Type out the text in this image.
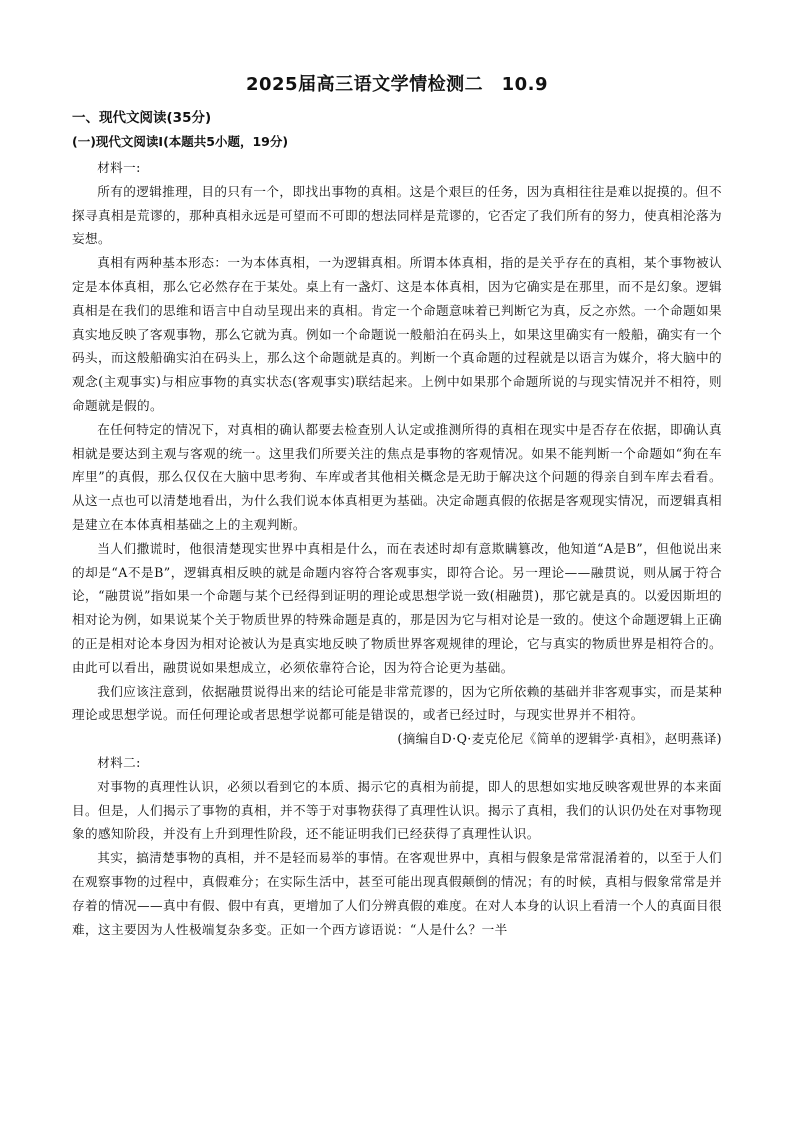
2025届高三语文学情检测二　10.9
一、现代文阅读(35分)
(一)现代文阅读Ⅰ(本题共5小题，19分)

材料一:

所有的逻辑推理，目的只有一个，即找出事物的真相。这是个艰巨的任务，因为真相往往是难以捉摸的。但不探寻真相是荒谬的，那种真相永远是可望而不可即的想法同样是荒谬的，它否定了我们所有的努力，使真相沦落为妄想。

真相有两种基本形态：一为本体真相，一为逻辑真相。所谓本体真相，指的是关乎存在的真相，某个事物被认定是本体真相，那么它必然存在于某处。桌上有一盏灯、这是本体真相，因为它确实是在那里，而不是幻象。逻辑真相是在我们的思维和语言中自动呈现出来的真相。肯定一个命题意味着已判断它为真，反之亦然。一个命题如果真实地反映了客观事物，那么它就为真。例如一个命题说一般船泊在码头上，如果这里确实有一般船，确实有一个码头，而这般船确实泊在码头上，那么这个命题就是真的。判断一个真命题的过程就是以语言为媒介，将大脑中的观念(主观事实)与相应事物的真实状态(客观事实)联结起来。上例中如果那个命题所说的与现实情况并不相符，则命题就是假的。

在任何特定的情况下，对真相的确认都要去检查别人认定或推测所得的真相在现实中是否存在依据，即确认真相就是要达到主观与客观的统一。这里我们所要关注的焦点是事物的客观情况。如果不能判断一个命题如“狗在车库里”的真假，那么仅仅在大脑中思考狗、车库或者其他相关概念是无助于解决这个问题的得亲自到车库去看看。从这一点也可以清楚地看出，为什么我们说本体真相更为基础。决定命题真假的依据是客观现实情况，而逻辑真相是建立在本体真相基础之上的主观判断。

当人们撒谎时，他很清楚现实世界中真相是什么，而在表述时却有意欺瞒篡改，他知道“A是B”，但他说出来的却是“A不是B”，逻辑真相反映的就是命题内容符合客观事实，即符合论。另一理论——融贯说，则从属于符合论，“融贯说”指如果一个命题与某个已经得到证明的理论或思想学说一致(相融贯)，那它就是真的。以爱因斯坦的相对论为例，如果说某个关于物质世界的特殊命题是真的，那是因为它与相对论是一致的。使这个命题逻辑上正确的正是相对论本身因为相对论被认为是真实地反映了物质世界客观规律的理论，它与真实的物质世界是相符合的。由此可以看出，融贯说如果想成立，必须依靠符合论，因为符合论更为基础。

我们应该注意到，依据融贯说得出来的结论可能是非常荒谬的，因为它所依赖的基础并非客观事实，而是某种理论或思想学说。而任何理论或者思想学说都可能是错误的，或者已经过时，与现实世界并不相符。

(摘编自D·Q·麦克伦尼《简单的逻辑学·真相》，赵明燕译)

材料二:

对事物的真理性认识，必须以看到它的本质、揭示它的真相为前提，即人的思想如实地反映客观世界的本来面目。但是，人们揭示了事物的真相，并不等于对事物获得了真理性认识。揭示了真相，我们的认识仍处在对事物现象的感知阶段，并没有上升到理性阶段，还不能证明我们已经获得了真理性认识。

其实，搞清楚事物的真相，并不是轻而易举的事情。在客观世界中，真相与假象是常常混淆着的，以至于人们在观察事物的过程中，真假难分；在实际生活中，甚至可能出现真假颠倒的情况；有的时候，真相与假象常常是并存着的情况——真中有假、假中有真，更增加了人们分辨真假的难度。在对人本身的认识上看清一个人的真面目很难，这主要因为人性极端复杂多变。正如一个西方谚语说：“人是什么？一半
